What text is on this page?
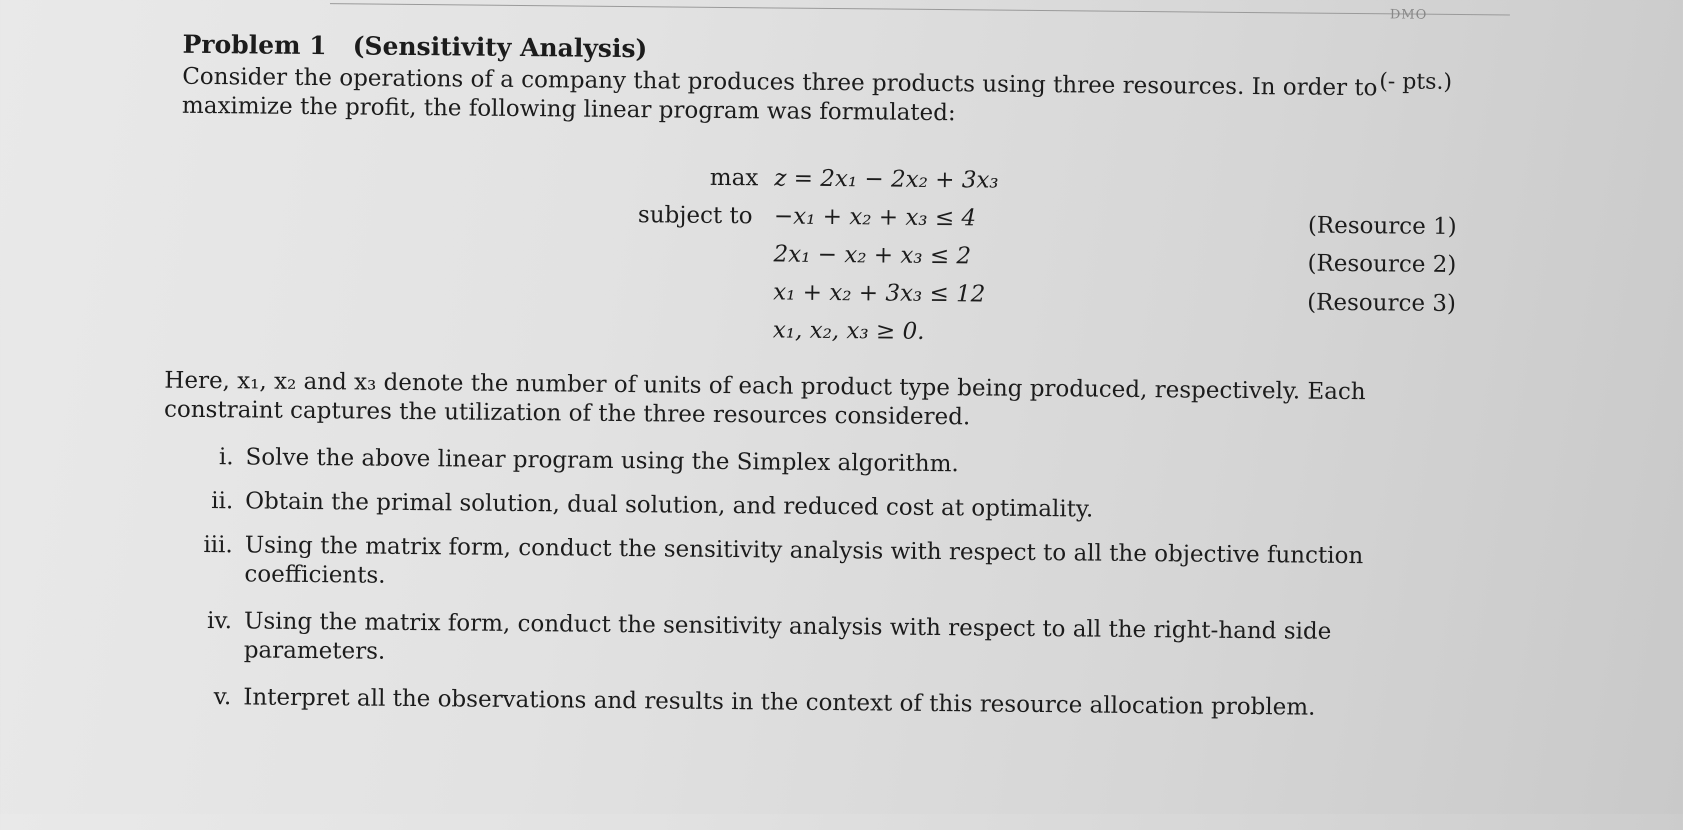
DMO
Problem 1 (Sensitivity Analysis)
(- pts.)
Consider the operations of a company that produces three products using three resources. In order to
maximize the profit, the following linear program was formulated:
max z = 2x₁ − 2x₂ + 3x₃
subject to −x₁ + x₂ + x₃ ≤ 4	(Resource 1)
2x₁ − x₂ + x₃ ≤ 2	(Resource 2)
x₁ + x₂ + 3x₃ ≤ 12	(Resource 3)
x₁, x₂, x₃ ≥ 0.
Here, x₁, x₂ and x₃ denote the number of units of each product type being produced, respectively. Each
constraint captures the utilization of the three resources considered.
i. Solve the above linear program using the Simplex algorithm.
ii. Obtain the primal solution, dual solution, and reduced cost at optimality.
iii. Using the matrix form, conduct the sensitivity analysis with respect to all the objective function
coefficients.
iv. Using the matrix form, conduct the sensitivity analysis with respect to all the right-hand side
parameters.
v. Interpret all the observations and results in the context of this resource allocation problem.
